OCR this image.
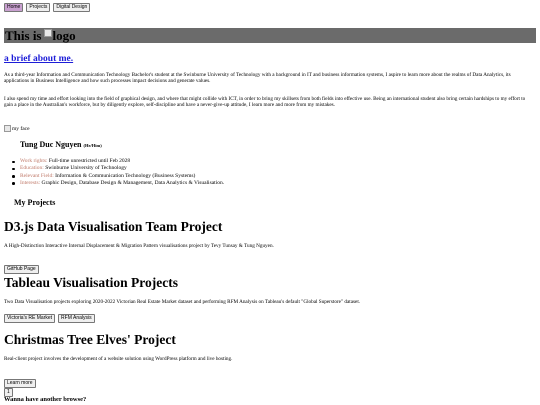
Home	Projects	Digital Design
This is logo
a brief about me.
As a third-year Information and Communication Technology Bachelor's student at the Swinburne University of Technology with a background in IT and business information systems, I aspire to learn more about the realms of Data Analytics, its applications in Business Intelligence and how such processes impact decisions and generate values.
I also spend my time and effort looking into the field of graphical design, and where that might collide with ICT, in order to bring my skillsets from both fields into effective use. Being an international student also bring certain hardships to my effort to gain a place in the Australian's workforce, but by diligently explore, self-discipline and have a never-give-up attitude, I learn more and more from my mistakes.
my face
Tung Duc Nguyen (He/Him)
Work rights: Full-time unrestricted until Feb 2028
Education: Swinburne University of Technology
Relevant Field: Information & Communication Technology (Business Systems)
Interests: Graphic Design, Database Design & Management, Data Analytics & Visualisation.
My Projects
D3.js Data Visualisation Team Project
A High-Distinction Interactive Internal Displacement & Migration Pattern visualisations project by Tevy Tunsay & Tung Nguyen.
GitHub Page
Tableau Visualisation Projects
Two Data Visualisation projects exploring 2020-2022 Victorian Real Estate Market dataset and performing RFM Analysis on Tableau's default "Global Superstore" dataset.
Victoria's RE Market	RFM Analysis
Christmas Tree Elves' Project
Real-client project involves the development of a website solution using WordPress platform and live hosting.
Learn more
1
Wanna have another browse?
